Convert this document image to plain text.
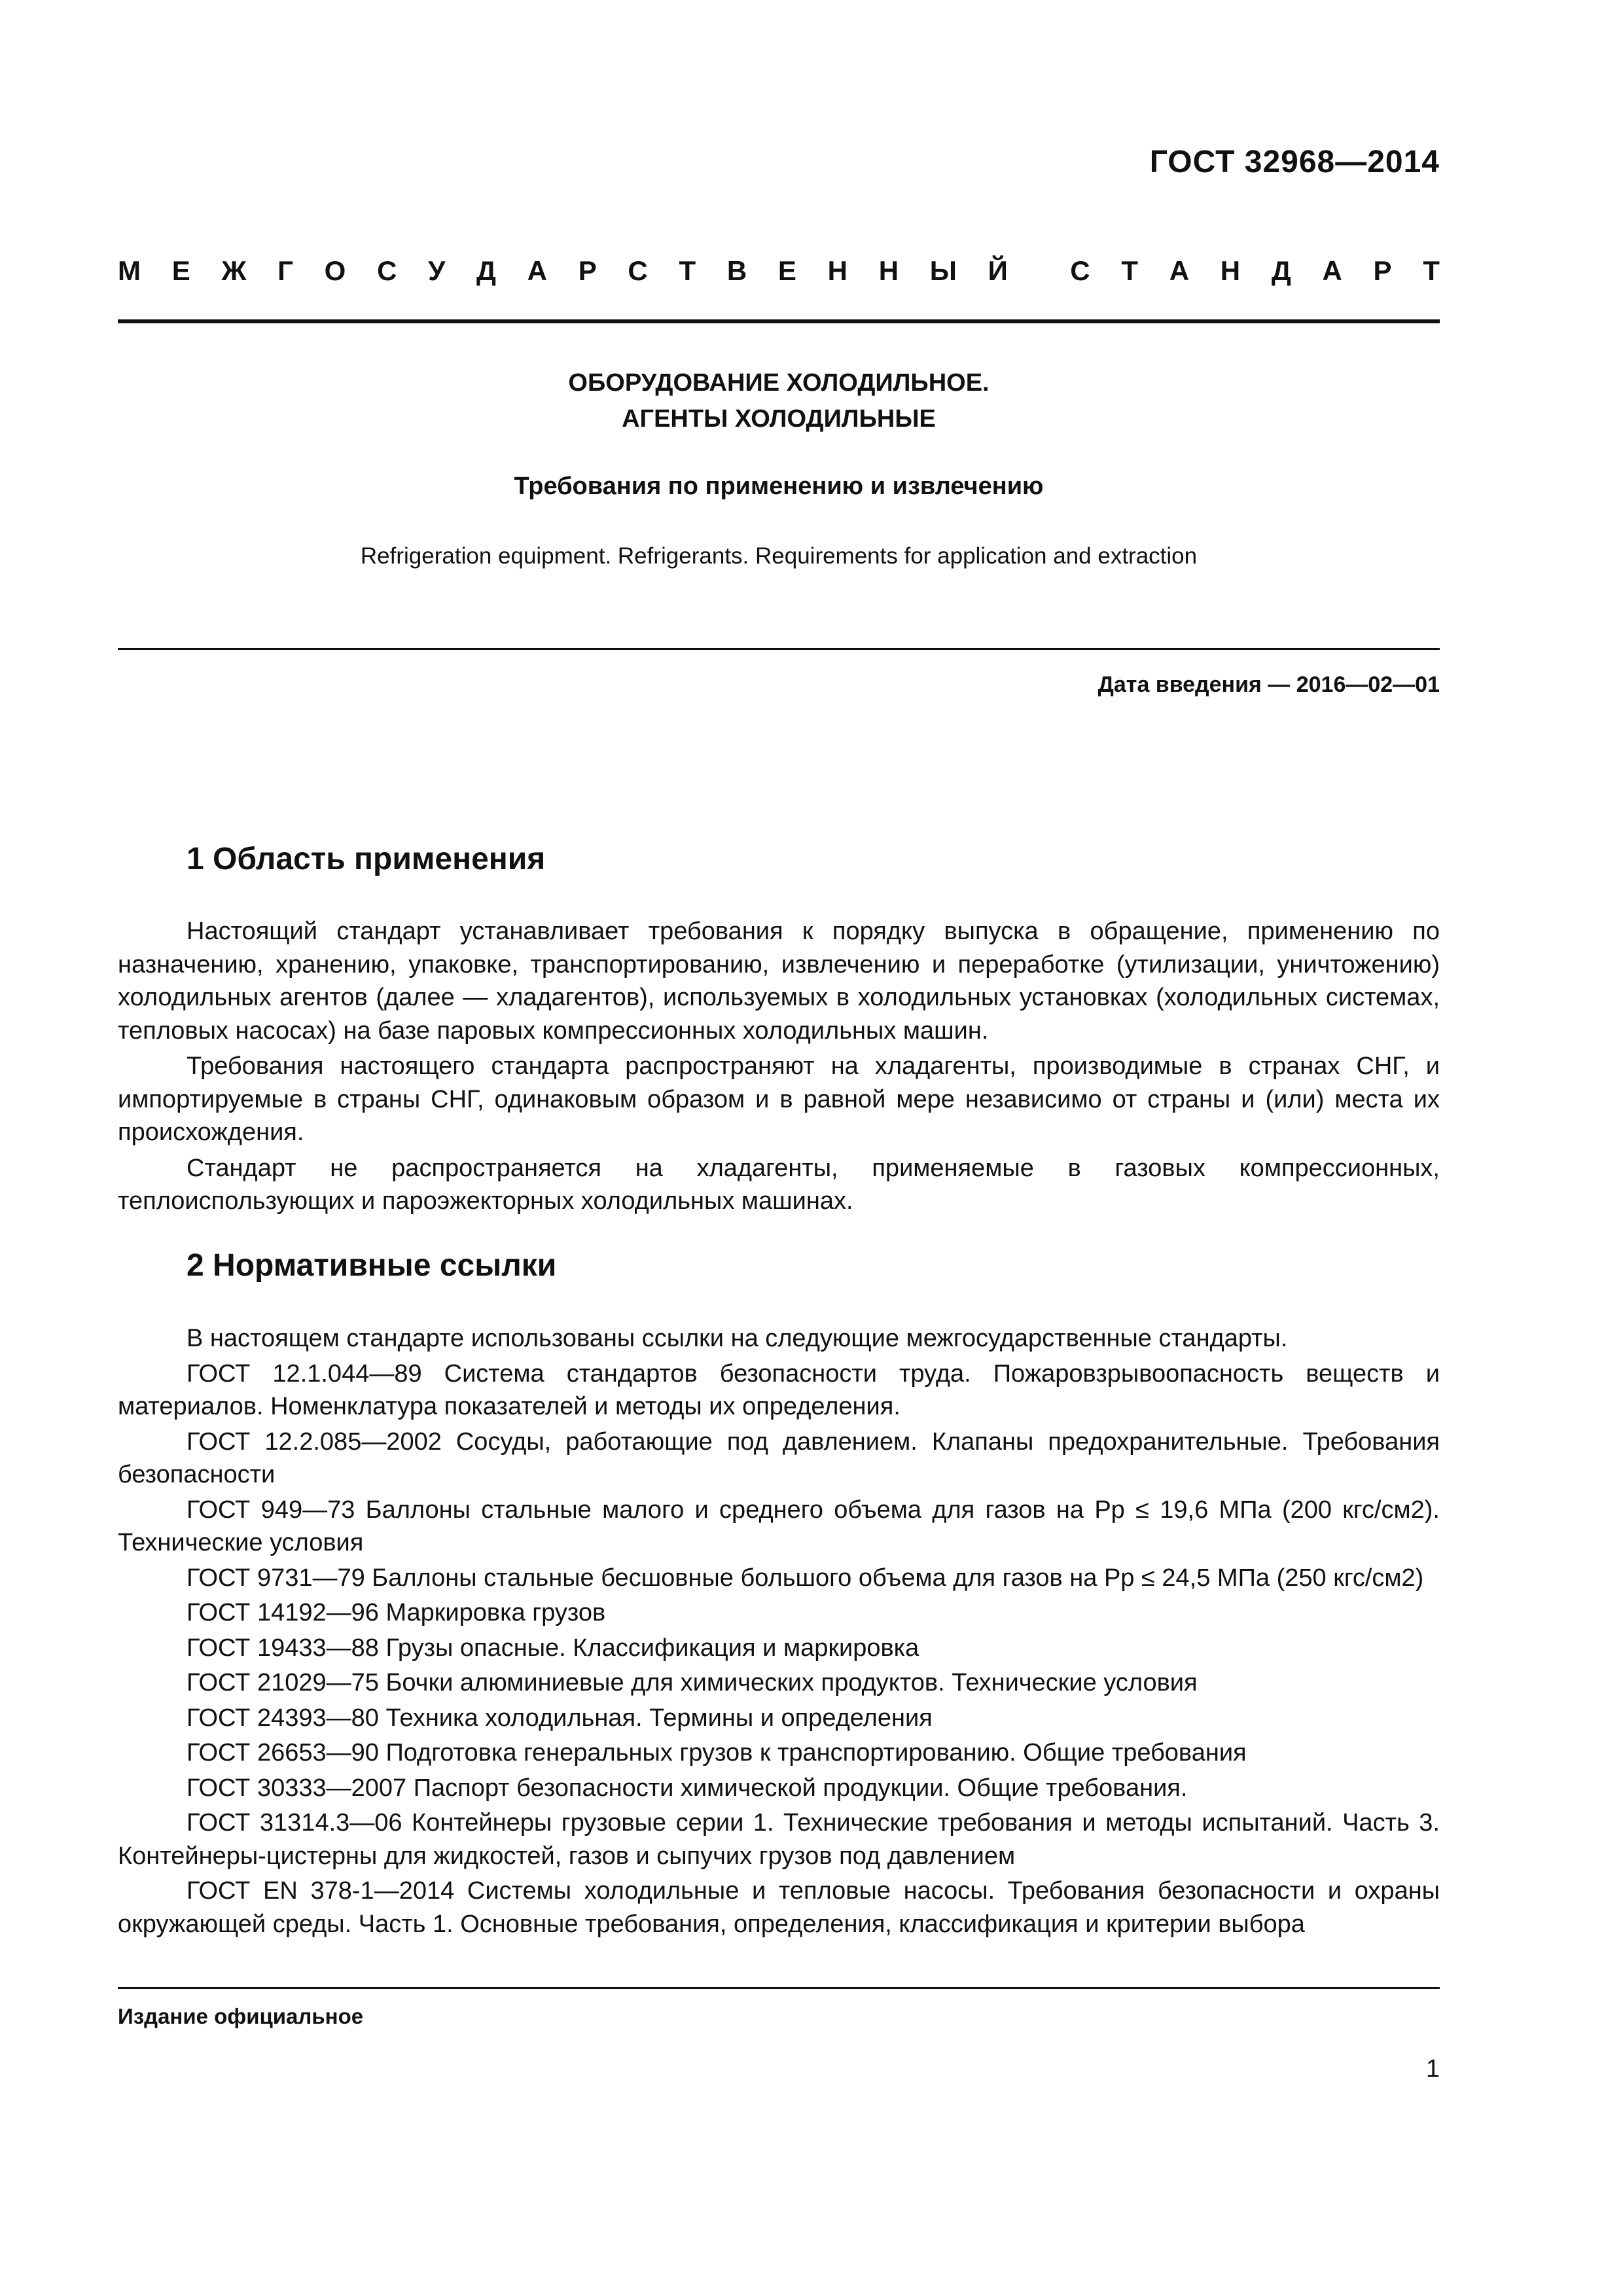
ГОСТ 32968—2014
М Е Ж Г О С У Д А Р С Т В Е Н Н Ы Й С Т А Н Д А Р Т
ОБОРУДОВАНИЕ ХОЛОДИЛЬНОЕ.
АГЕНТЫ ХОЛОДИЛЬНЫЕ
Требования по применению и извлечению
Refrigeration equipment. Refrigerants. Requirements for application and extraction
Дата введения — 2016—02—01
1 Область применения

Настоящий стандарт устанавливает требования к порядку выпуска в обращение, применению по назначению, хранению, упаковке, транспортированию, извлечению и переработке (утилизации, уничтожению) холодильных агентов (далее — хладагентов), используемых в холодильных установках (холодильных системах, тепловых насосах) на базе паровых компрессионных холодильных машин.

Требования настоящего стандарта распространяют на хладагенты, производимые в странах СНГ, и импортируемые в страны СНГ, одинаковым образом и в равной мере независимо от страны и (или) места их происхождения.

Стандарт не распространяется на хладагенты, применяемые в газовых компрессионных, теплоиспользующих и пароэжекторных холодильных машинах.

2 Нормативные ссылки

В настоящем стандарте использованы ссылки на следующие межгосударственные стандарты.

ГОСТ 12.1.044—89 Система стандартов безопасности труда. Пожаровзрывоопасность веществ и материалов. Номенклатура показателей и методы их определения.

ГОСТ 12.2.085—2002 Сосуды, работающие под давлением. Клапаны предохранительные. Требования безопасности

ГОСТ 949—73 Баллоны стальные малого и среднего объема для газов на Pp ≤ 19,6 МПа (200 кгс/см2). Технические условия

ГОСТ 9731—79 Баллоны стальные бесшовные большого объема для газов на Pp ≤ 24,5 МПа (250 кгс/см2)

ГОСТ 14192—96 Маркировка грузов

ГОСТ 19433—88 Грузы опасные. Классификация и маркировка

ГОСТ 21029—75 Бочки алюминиевые для химических продуктов. Технические условия

ГОСТ 24393—80 Техника холодильная. Термины и определения

ГОСТ 26653—90 Подготовка генеральных грузов к транспортированию. Общие требования

ГОСТ 30333—2007 Паспорт безопасности химической продукции. Общие требования.

ГОСТ 31314.3—06 Контейнеры грузовые серии 1. Технические требования и методы испытаний. Часть 3. Контейнеры-цистерны для жидкостей, газов и сыпучих грузов под давлением

ГОСТ EN 378-1—2014 Системы холодильные и тепловые насосы. Требования безопасности и охраны окружающей среды. Часть 1. Основные требования, определения, классификация и критерии выбора

Издание официальное
1
